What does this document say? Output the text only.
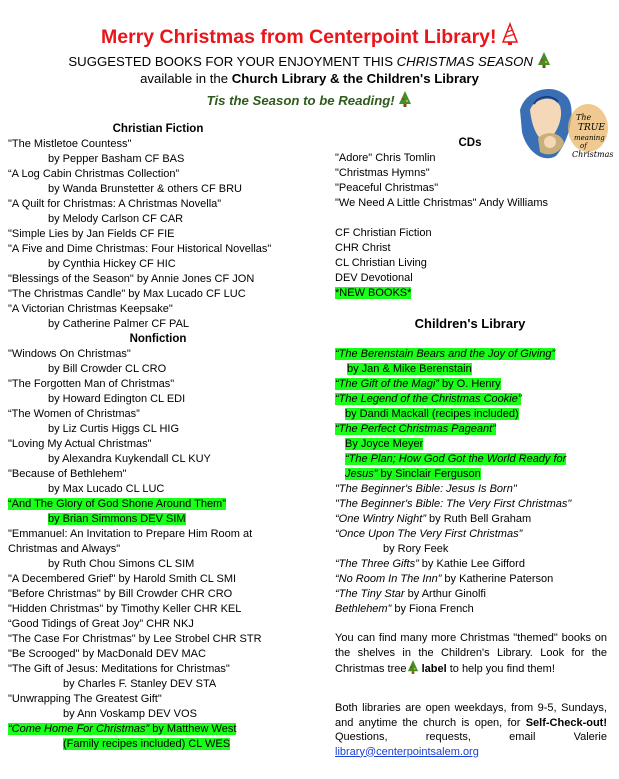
Merry Christmas from Centerpoint Library!
SUGGESTED BOOKS FOR YOUR ENJOYMENT THIS CHRISTMAS SEASON
available in the Church Library & the Children's Library
Tis the Season to be Reading!
The
TRUE
meaning
of
Christmas
Christian Fiction
"The Mistletoe Countess"
by Pepper Basham CF BAS
“A Log Cabin Christmas Collection”
by Wanda Brunstetter & others CF BRU
"A Quilt for Christmas: A Christmas Novella"
by Melody Carlson CF CAR
"Simple Lies by Jan Fields CF FIE
"A Five and Dime Christmas: Four Historical Novellas"
by Cynthia Hickey CF HIC
"Blessings of the Season" by Annie Jones CF JON
"The Christmas Candle" by Max Lucado CF LUC
"A Victorian Christmas Keepsake"
by Catherine Palmer CF PAL
Nonfiction
"Windows On Christmas"
by Bill Crowder CL CRO
"The Forgotten Man of Christmas"
by Howard Edington CL EDI
“The Women of Christmas”
by Liz Curtis Higgs CL HIG
"Loving My Actual Christmas"
by Alexandra Kuykendall CL KUY
"Because of Bethlehem"
by Max Lucado CL LUC
“And The Glory of God Shone Around Them”
by Brian Simmons DEV SIM
"Emmanuel: An Invitation to Prepare Him Room at
Christmas and Always"
by Ruth Chou Simons CL SIM
"A Decembered Grief" by Harold Smith CL SMI
"Before Christmas" by Bill Crowder CHR CRO
"Hidden Christmas" by Timothy Keller CHR KEL
“Good Tidings of Great Joy” CHR NKJ
"The Case For Christmas" by Lee Strobel CHR STR
"Be Scrooged" by MacDonald DEV MAC
"The Gift of Jesus: Meditations for Christmas"
by Charles F. Stanley DEV STA
"Unwrapping The Greatest Gift"
by Ann Voskamp DEV VOS
“Come Home For Christmas” by Matthew West
(Family recipes included) CL WES
CDs
"Adore" Chris Tomlin
"Christmas Hymns"
"Peaceful Christmas"
"We Need A Little Christmas" Andy Williams
CF Christian Fiction
CHR Christ
CL Christian Living
DEV Devotional
*NEW BOOKS*
Children's Library
“The Berenstain Bears and the Joy of Giving”
by Jan & Mike Berenstain
“The Gift of the Magi” by O. Henry
“The Legend of the Christmas Cookie”
by Dandi Mackall (recipes included)
“The Perfect Christmas Pageant”
By Joyce Meyer
“The Plan; How God Got the World Ready for
Jesus” by Sinclair Ferguson
"The Beginner's Bible: Jesus Is Born"
"The Beginner's Bible: The Very First Christmas"
“One Wintry Night” by Ruth Bell Graham
“Once Upon The Very First Christmas”
by Rory Feek
“The Three Gifts” by Kathie Lee Gifford
“No Room In The Inn” by Katherine Paterson
“The Tiny Star by Arthur Ginolfi
Bethlehem” by Fiona French
You can find many more Christmas "themed" books on the shelves in the Children's Library. Look for the Christmas tree label to help you find them!
Both libraries are open weekdays, from 9-5, Sundays, and anytime the church is open, for Self-Check-out! Questions, requests, email Valerie library@centerpointsalem.org
